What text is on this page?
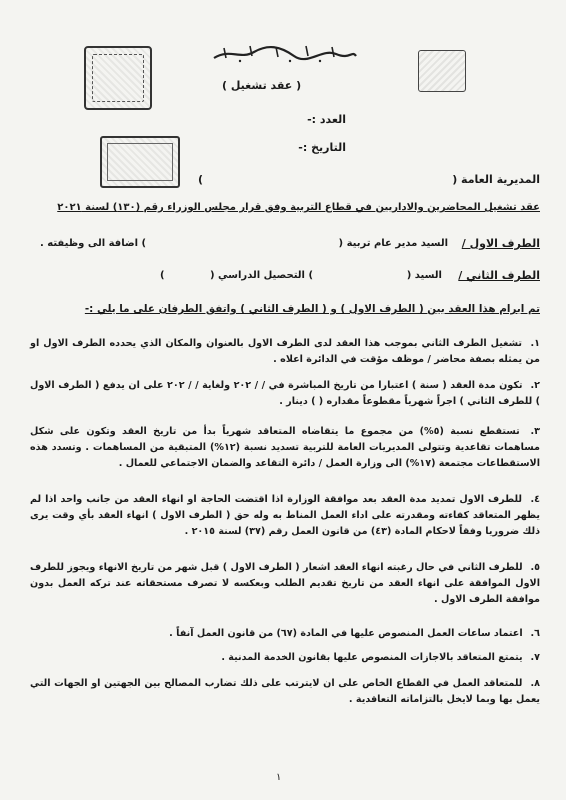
( عقد تشغيل )
العدد :-
التاريخ :-
المديرية العامة (
)
عقد تشغيل المحاضرين والاداريين في قطاع التربية وفق قرار مجلس الوزراء رقم (١٣٠) لسنة ٢٠٢١
الطرف الاول /
السيد مدير عام تربية (
) اضافة الى وظيفته .
الطرف الثاني /
السيد (
) التحصيل الدراسي (
)
تم ابرام هذا العقد بين ( الطرف الاول ) و ( الطرف الثاني ) واتفق الطرفان على ما يلي :-
١. تشغيل الطرف الثاني بموجب هذا العقد لدى الطرف الاول بالعنوان والمكان الذي يحدده الطرف الاول او من يمثله بصفة محاضر / موظف مؤقت في الدائرة اعلاه .
٢. تكون مدة العقد ( سنة ) اعتبارا من تاريخ المباشرة في / / ٢٠٢ ولغاية / / ٢٠٢ على ان يدفع ( الطرف الاول ) للطرف الثاني ) اجراً شهرياً مقطوعاً مقداره ( ) دينار .
٣. تستقطع نسبة (٥%) من مجموع ما يتقاضاه المتعاقد شهرياً بدأ من تاريخ العقد وتكون على شكل مساهمات تقاعدية وتتولى المديريات العامة للتربية تسديد نسبة (١٢%) المتبقية من المساهمات . وتسدد هذه الاستقطاعات مجتمعة (١٧%) الى وزارة العمل / دائرة التقاعد والضمان الاجتماعي للعمال .
٤. للطرف الاول تمديد مدة العقد بعد موافقة الوزارة اذا اقتضت الحاجة او انهاء العقد من جانب واحد اذا لم يظهر المتعاقد كفاءته ومقدرته على اداء العمل المناط به وله حق ( الطرف الاول ) انهاء العقد بأي وقت يرى ذلك ضروريا وفقاً لاحكام المادة (٤٣) من قانون العمل رقم (٣٧) لسنة ٢٠١٥ .
٥. للطرف الثاني في حال رغبته انهاء العقد اشعار ( الطرف الاول ) قبل شهر من تاريخ الانهاء ويجوز للطرف الاول الموافقة على انهاء العقد من تاريخ تقديم الطلب وبعكسه لا تصرف مستحقاته عند تركه العمل بدون موافقة الطرف الاول .
٦. اعتماد ساعات العمل المنصوص عليها في المادة (٦٧) من قانون العمل آنفاً .
٧. يتمتع المتعاقد بالاجازات المنصوص عليها بقانون الخدمة المدنية .
٨. للمتعاقد العمل في القطاع الخاص على ان لايترتب على ذلك تضارب المصالح بين الجهتين او الجهات التي يعمل بها وبما لايخل بالتزاماته التعاقدية .
١
